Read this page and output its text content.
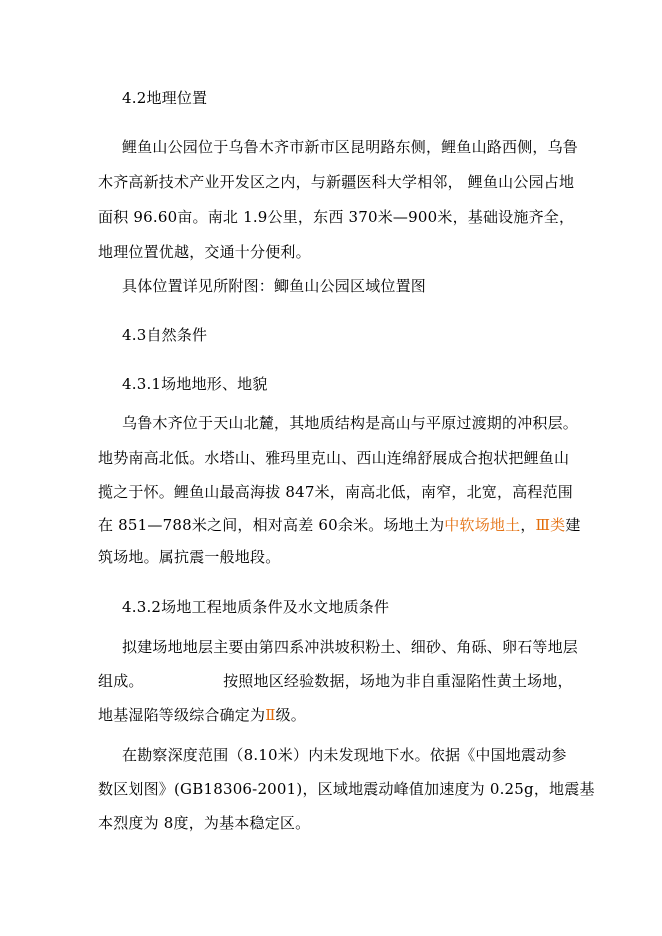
4.2地理位置
鲤鱼山公园位于乌鲁木齐市新市区昆明路东侧，鲤鱼山路西侧，乌鲁
木齐高新技术产业开发区之内，与新疆医科大学相邻， 鲤鱼山公园占地
面积 96.60亩。南北 1.9公里，东西 370米—900米，基础设施齐全，
地理位置优越，交通十分便利。
具体位置详见所附图：鲫鱼山公园区域位置图
4.3自然条件
4.3.1场地地形、地貌
乌鲁木齐位于天山北麓，其地质结构是高山与平原过渡期的冲积层。
地势南高北低。水塔山、雅玛里克山、西山连绵舒展成合抱状把鲤鱼山
揽之于怀。鲤鱼山最高海拔 847米，南高北低，南窄，北宽，高程范围
在 851—788米之间，相对高差 60余米。场地土为中软场地土，Ⅲ类建
筑场地。属抗震一般地段。
4.3.2场地工程地质条件及水文地质条件
拟建场地地层主要由第四系冲洪坡积粉土、细砂、角砾、卵石等地层
组成。                按照地区经验数据，场地为非自重湿陷性黄土场地，
地基湿陷等级综合确定为Ⅱ级。
在勘察深度范围（8.10米）内未发现地下水。依据《中国地震动参
数区划图》(GB18306-2001)，区域地震动峰值加速度为 0.25g，地震基
本烈度为 8度，为基本稳定区。
